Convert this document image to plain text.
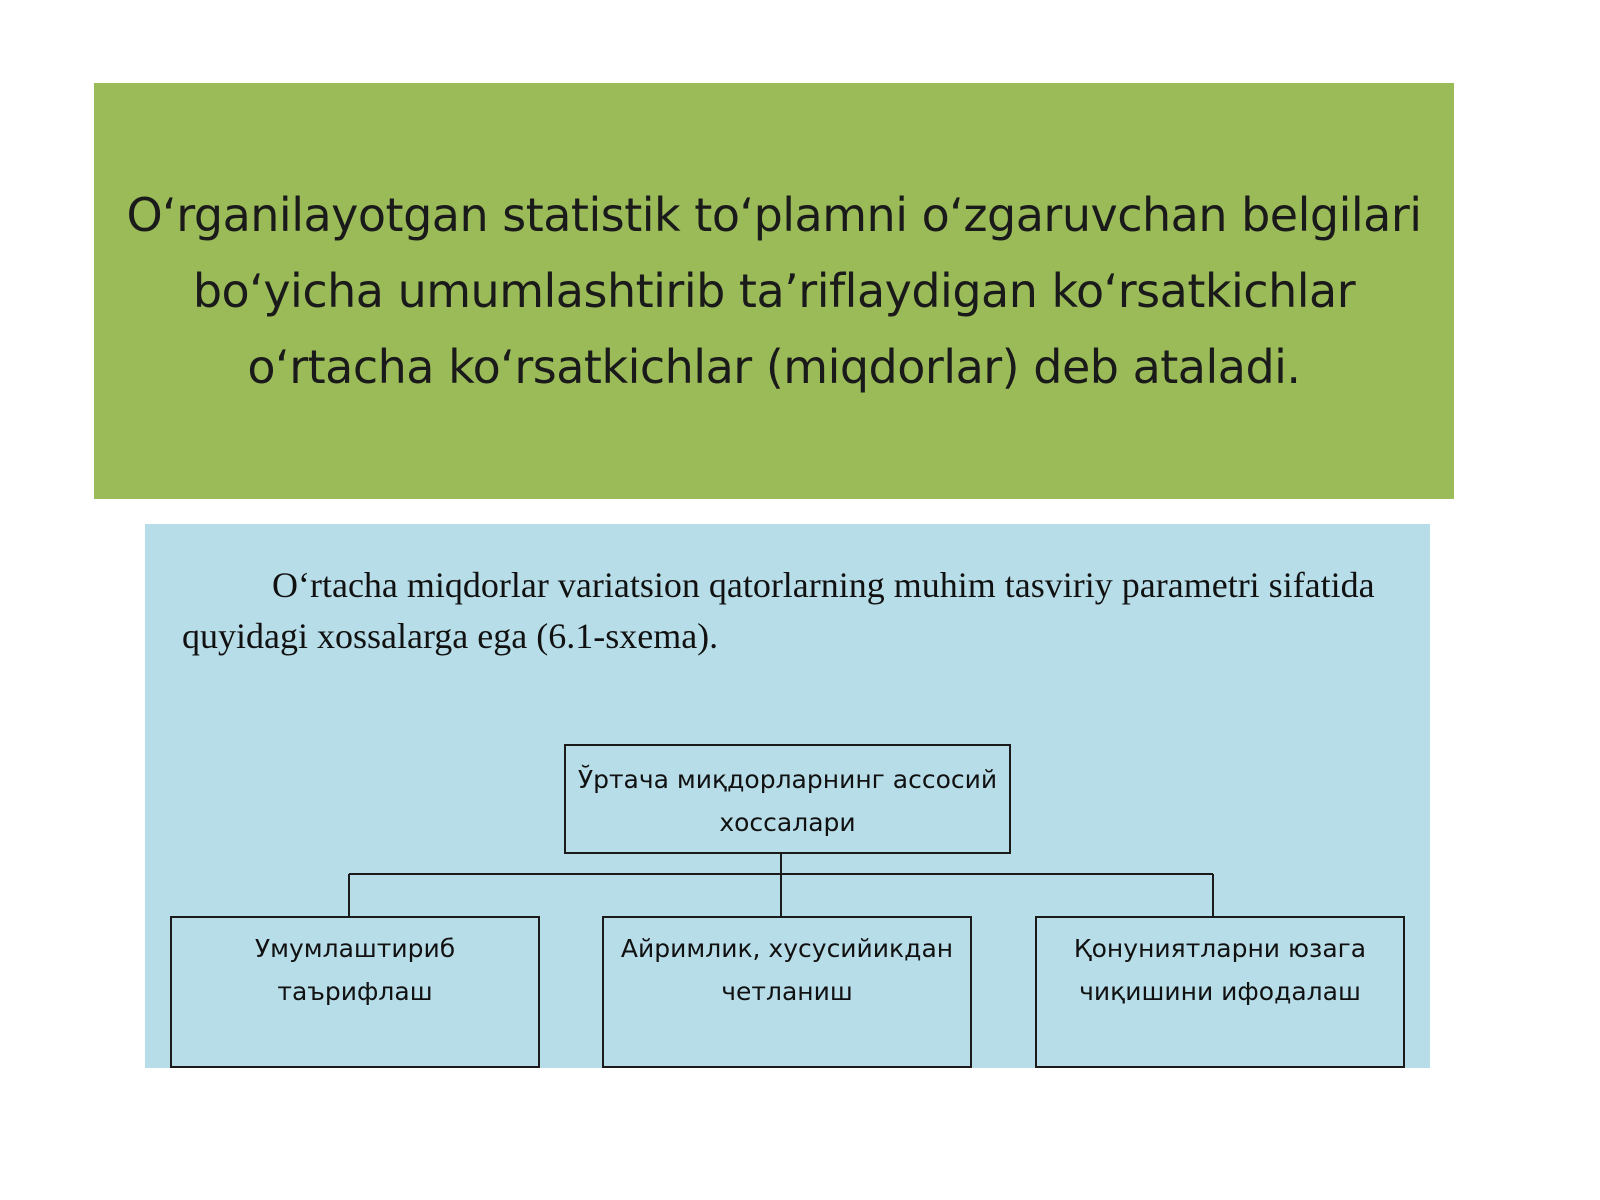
O‘rganilayotgan statistik to‘plamni o‘zgaruvchan belgilari bo‘yicha umumlashtirib ta’riflaydigan ko‘rsatkichlar o‘rtacha ko‘rsatkichlar (miqdorlar) deb ataladi.

O‘rtacha miqdorlar variatsion qatorlarning muhim tasviriy parametri sifatida quyidagi xossalarga ega (6.1-sxema).

Ўртача миқдорларнинг ассосий хоссалари
Умумлаштириб таърифлаш
Айримлик, хусусийикдан четланиш
Қонуниятларни юзага чиқишини ифодалаш
